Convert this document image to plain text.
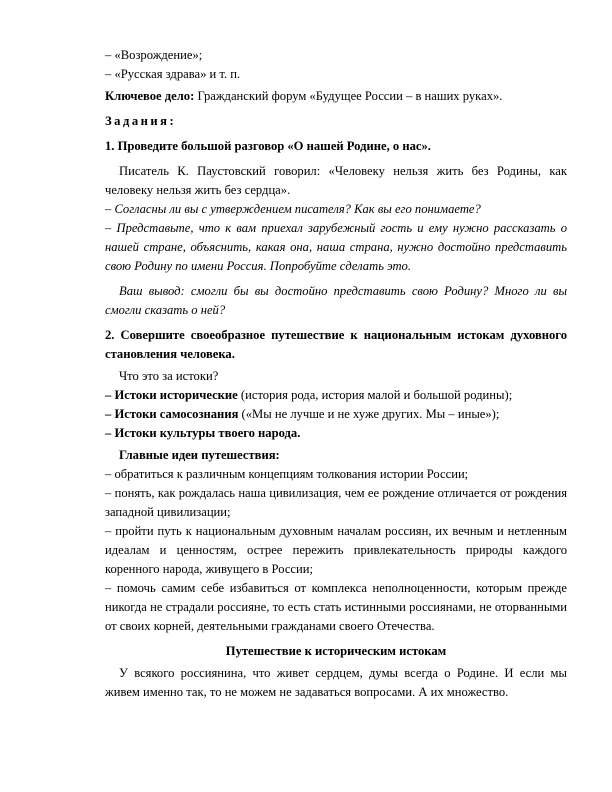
– «Возрождение»;

– «Русская здрава» и т. п.

Ключевое дело: Гражданский форум «Будущее России – в наших руках».

Задания:

1. Проведите большой разговор «О нашей Родине, о нас».

Писатель К. Паустовский говорил: «Человеку нельзя жить без Родины, как человеку нельзя жить без сердца».

– Согласны ли вы с утверждением писателя? Как вы его понимаете?

– Представьте, что к вам приехал зарубежный гость и ему нужно рассказать о нашей стране, объяснить, какая она, наша страна, нужно достойно представить свою Родину по имени Россия. Попробуйте сделать это.

Ваш вывод: смогли бы вы достойно представить свою Родину? Много ли вы смогли сказать о ней?

2. Совершите своеобразное путешествие к национальным истокам духовного становления человека.

Что это за истоки?

– Истоки исторические (история рода, история малой и большой родины);

– Истоки самосознания («Мы не лучше и не хуже других. Мы – иные»);

– Истоки культуры твоего народа.

Главные идеи путешествия:

– обратиться к различным концепциям толкования истории России;

– понять, как рождалась наша цивилизация, чем ее рождение отличается от рождения западной цивилизации;

– пройти путь к национальным духовным началам россиян, их вечным и нетленным идеалам и ценностям, острее пережить привлекательность природы каждого коренного народа, живущего в России;

– помочь самим себе избавиться от комплекса неполноценности, которым прежде никогда не страдали россияне, то есть стать истинными россиянами, не оторванными от своих корней, деятельными гражданами своего Отечества.

Путешествие к историческим истокам

У всякого россиянина, что живет сердцем, думы всегда о Родине. И если мы живем именно так, то не можем не задаваться вопросами. А их множество.
